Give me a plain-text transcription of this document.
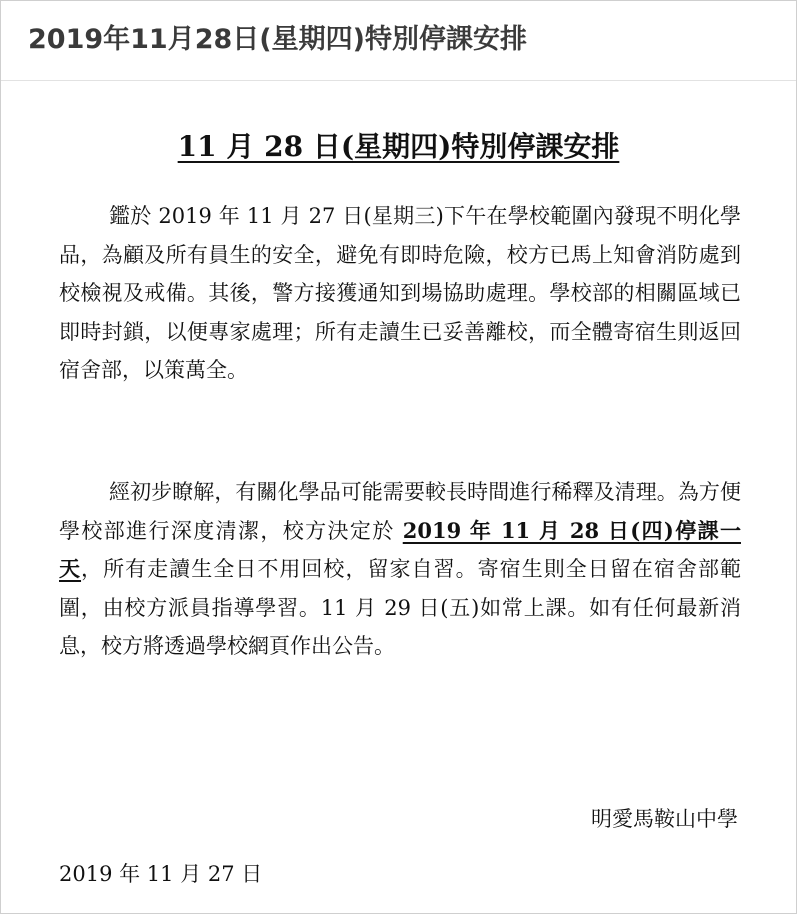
2019年11月28日(星期四)特別停課安排
11 月 28 日(星期四)特別停課安排

鑑於 2019 年 11 月 27 日(星期三)下午在學校範圍內發現不明化學品，為顧及所有員生的安全，避免有即時危險，校方已馬上知會消防處到校檢視及戒備。其後，警方接獲通知到場協助處理。學校部的相關區域已即時封鎖，以便專家處理；所有走讀生已妥善離校，而全體寄宿生則返回宿舍部，以策萬全。

經初步瞭解，有關化學品可能需要較長時間進行稀釋及清理。為方便學校部進行深度清潔，校方決定於 2019 年 11 月 28 日(四)停課一天，所有走讀生全日不用回校，留家自習。寄宿生則全日留在宿舍部範圍，由校方派員指導學習。11 月 29 日(五)如常上課。如有任何最新消息，校方將透過學校網頁作出公告。

明愛馬鞍山中學
2019 年 11 月 27 日
